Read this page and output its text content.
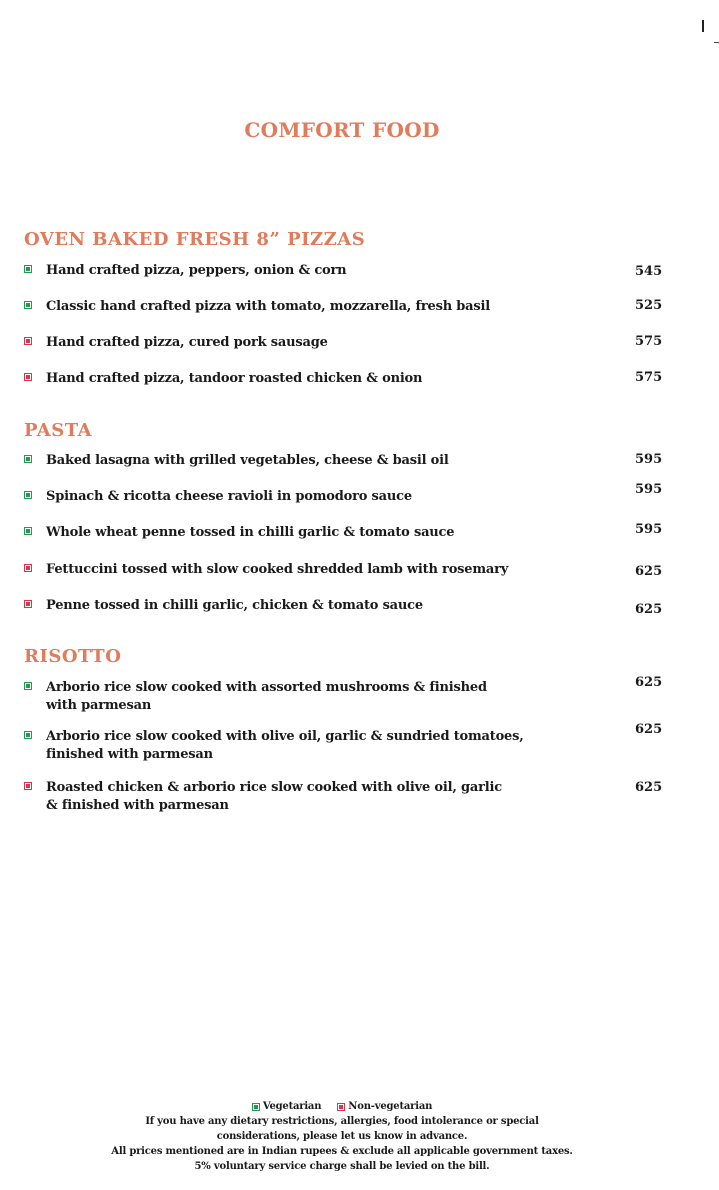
COMFORT FOOD
OVEN BAKED FRESH 8” PIZZAS
Hand crafted pizza, peppers, onion & corn	545
Classic hand crafted pizza with tomato, mozzarella, fresh basil	525
Hand crafted pizza, cured pork sausage	575
Hand crafted pizza, tandoor roasted chicken & onion	575
PASTA
Baked lasagna with grilled vegetables, cheese & basil oil	595
Spinach & ricotta cheese ravioli in pomodoro sauce	595
Whole wheat penne tossed in chilli garlic & tomato sauce	595
Fettuccini tossed with slow cooked shredded lamb with rosemary	625
Penne tossed in chilli garlic, chicken & tomato sauce	625
RISOTTO
Arborio rice slow cooked with assorted mushrooms & finished
with parmesan
625
Arborio rice slow cooked with olive oil, garlic & sundried tomatoes,
finished with parmesan
625
Roasted chicken & arborio rice slow cooked with olive oil, garlic
& finished with parmesan
625
Vegetarian	Non-vegetarian
If you have any dietary restrictions, allergies, food intolerance or special
considerations, please let us know in advance.
All prices mentioned are in Indian rupees & exclude all applicable government taxes.
5% voluntary service charge shall be levied on the bill.
